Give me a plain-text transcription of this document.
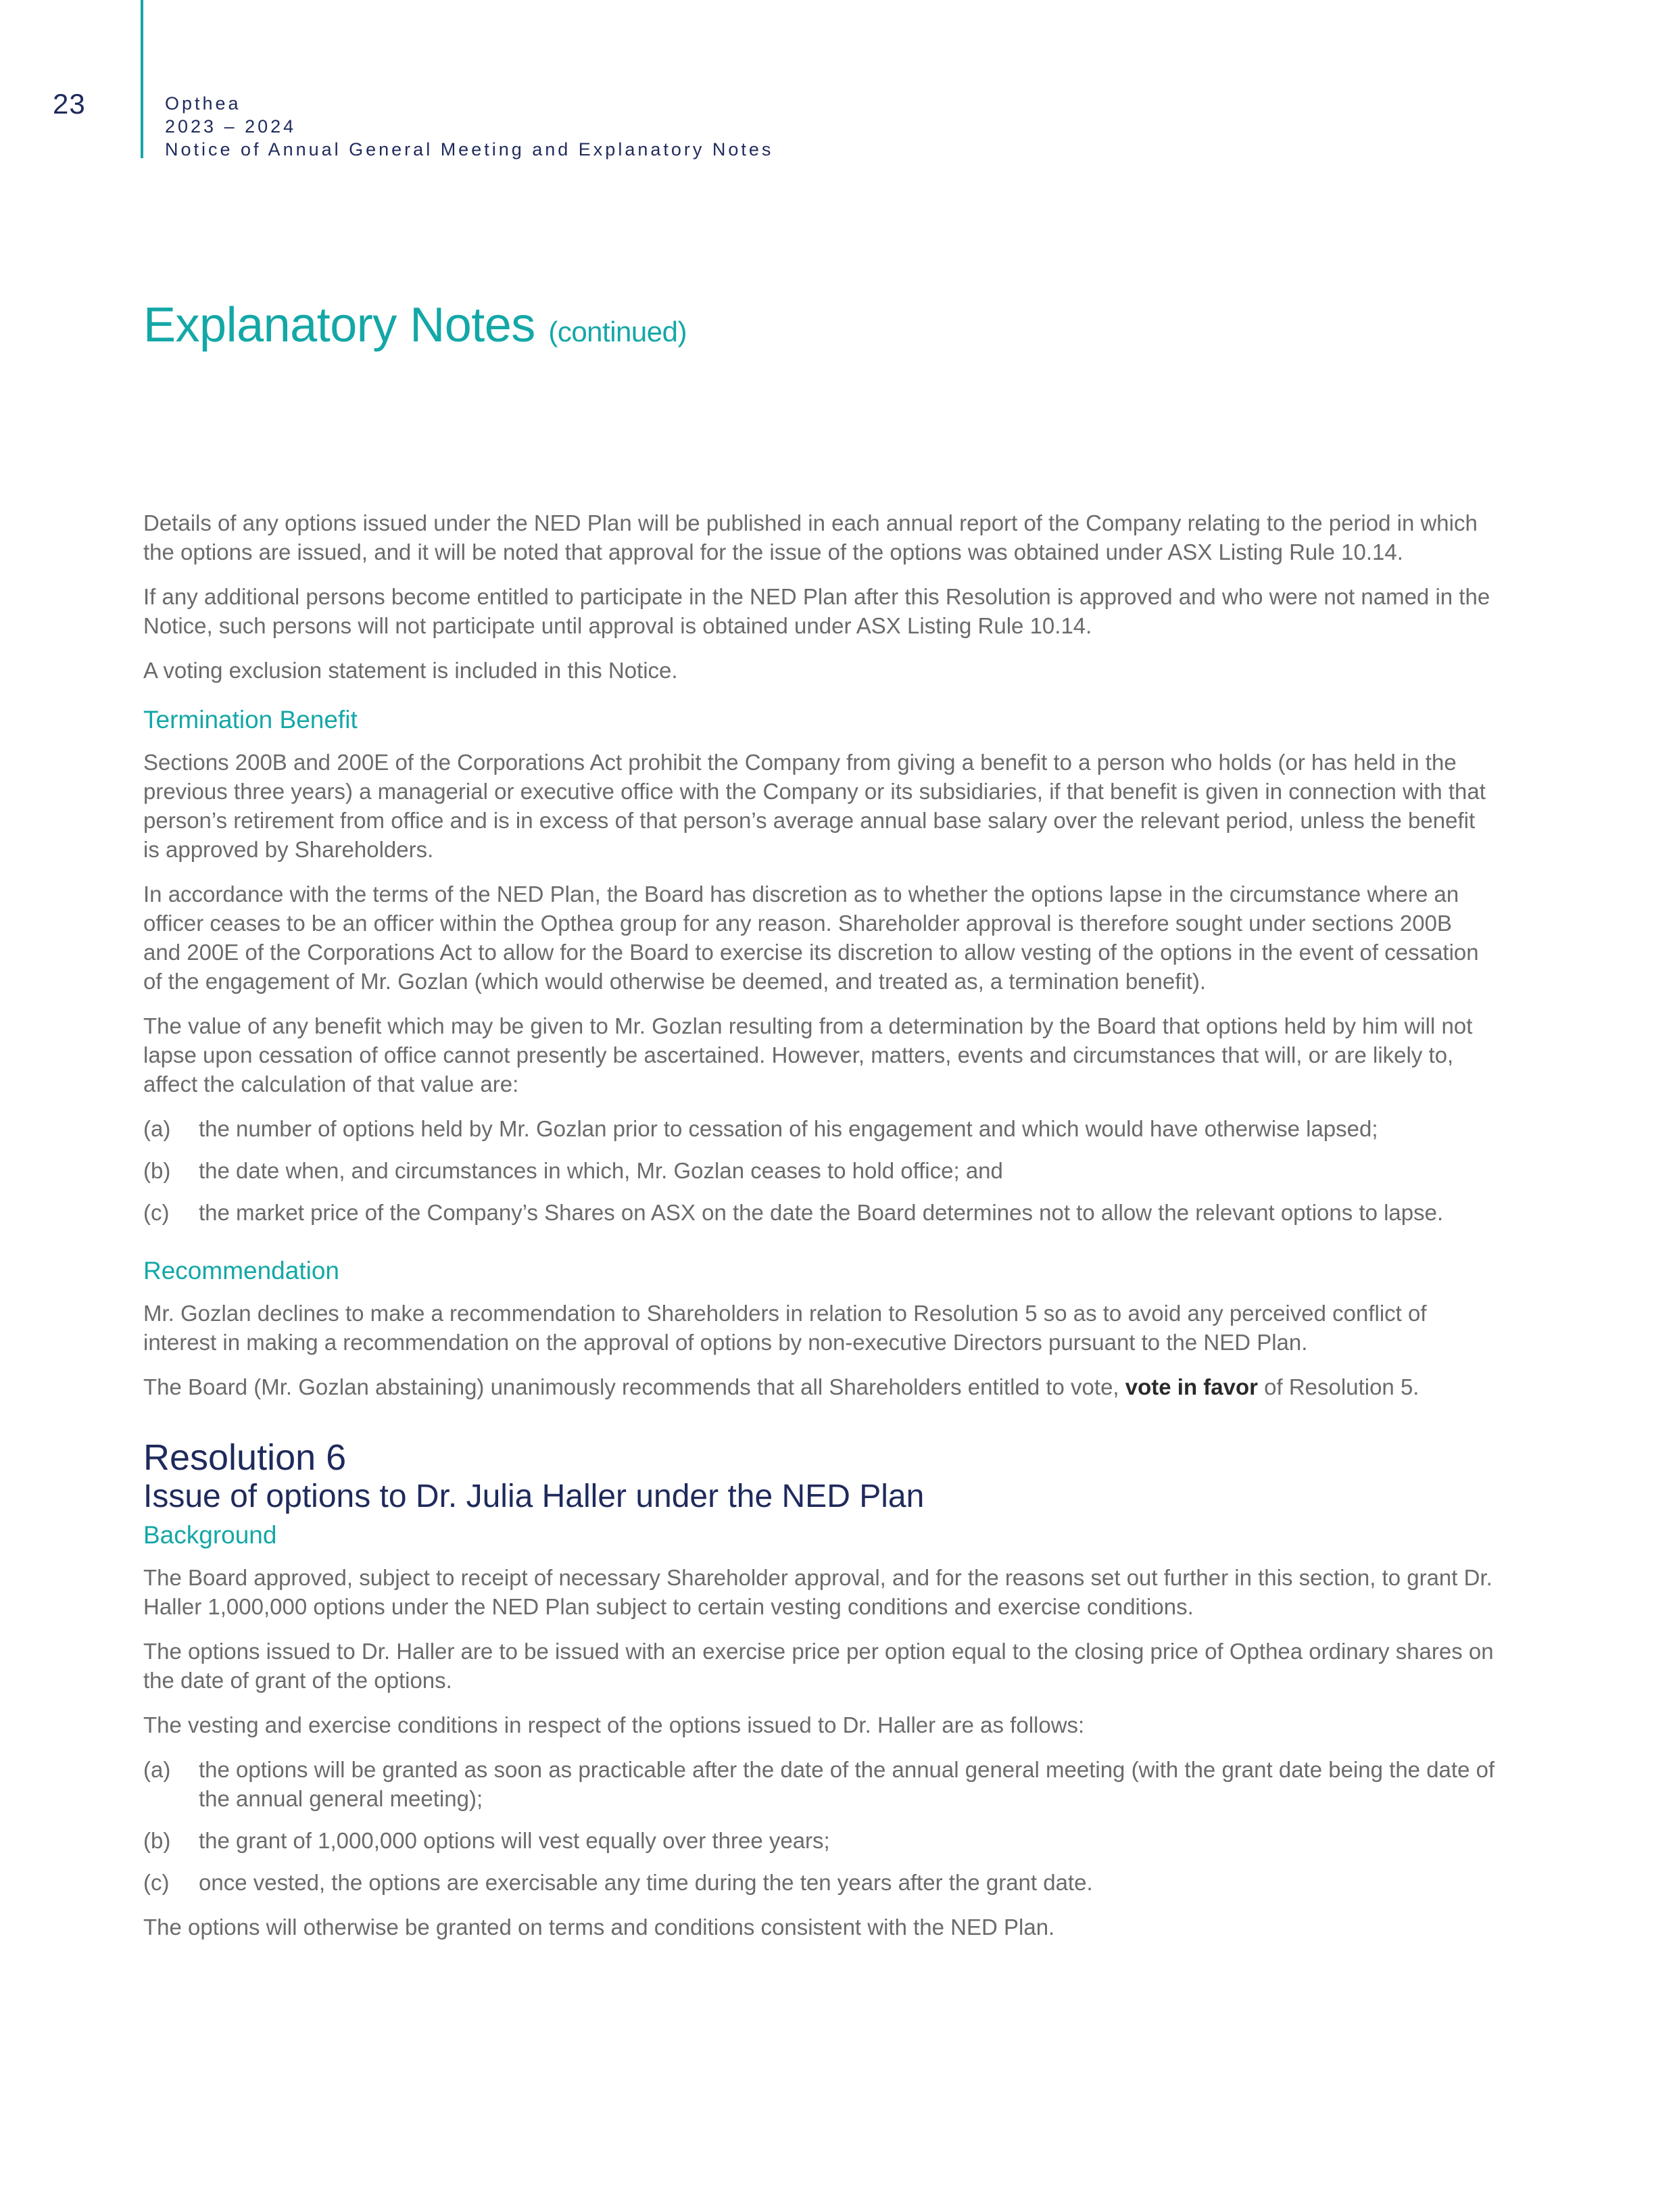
23	Opthea
2023 – 2024
Notice of Annual General Meeting and Explanatory Notes
Explanatory Notes (continued)

Details of any options issued under the NED Plan will be published in each annual report of the Company relating to the period in which the options are issued, and it will be noted that approval for the issue of the options was obtained under ASX Listing Rule 10.14.

If any additional persons become entitled to participate in the NED Plan after this Resolution is approved and who were not named in the Notice, such persons will not participate until approval is obtained under ASX Listing Rule 10.14.

A voting exclusion statement is included in this Notice.

Termination Benefit

Sections 200B and 200E of the Corporations Act prohibit the Company from giving a benefit to a person who holds (or has held in the previous three years) a managerial or executive office with the Company or its subsidiaries, if that benefit is given in connection with that person’s retirement from office and is in excess of that person’s average annual base salary over the relevant period, unless the benefit is approved by Shareholders.

In accordance with the terms of the NED Plan, the Board has discretion as to whether the options lapse in the circumstance where an officer ceases to be an officer within the Opthea group for any reason. Shareholder approval is therefore sought under sections 200B and 200E of the Corporations Act to allow for the Board to exercise its discretion to allow vesting of the options in the event of cessation of the engagement of Mr. Gozlan (which would otherwise be deemed, and treated as, a termination benefit).

The value of any benefit which may be given to Mr. Gozlan resulting from a determination by the Board that options held by him will not lapse upon cessation of office cannot presently be ascertained. However, matters, events and circumstances that will, or are likely to, affect the calculation of that value are:

(a)	the number of options held by Mr. Gozlan prior to cessation of his engagement and which would have otherwise lapsed;
(b)	the date when, and circumstances in which, Mr. Gozlan ceases to hold office; and
(c)	the market price of the Company’s Shares on ASX on the date the Board determines not to allow the relevant options to lapse.
Recommendation

Mr. Gozlan declines to make a recommendation to Shareholders in relation to Resolution 5 so as to avoid any perceived conflict of interest in making a recommendation on the approval of options by non-executive Directors pursuant to the NED Plan.

The Board (Mr. Gozlan abstaining) unanimously recommends that all Shareholders entitled to vote, vote in favor of Resolution 5.

Resolution 6
Issue of options to Dr. Julia Haller under the NED Plan
Background

The Board approved, subject to receipt of necessary Shareholder approval, and for the reasons set out further in this section, to grant Dr. Haller 1,000,000 options under the NED Plan subject to certain vesting conditions and exercise conditions.

The options issued to Dr. Haller are to be issued with an exercise price per option equal to the closing price of Opthea ordinary shares on the date of grant of the options.

The vesting and exercise conditions in respect of the options issued to Dr. Haller are as follows:

(a)	the options will be granted as soon as practicable after the date of the annual general meeting (with the grant date being the date of the annual general meeting);
(b)	the grant of 1,000,000 options will vest equally over three years;
(c)	once vested, the options are exercisable any time during the ten years after the grant date.

The options will otherwise be granted on terms and conditions consistent with the NED Plan.
